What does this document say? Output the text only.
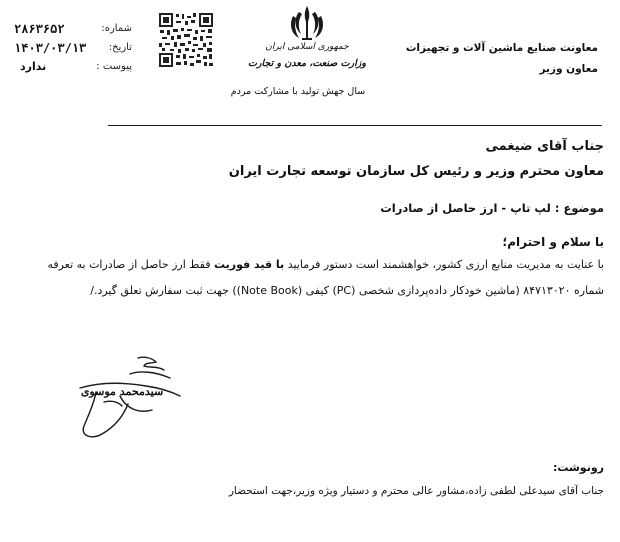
۲۸۶۳۶۵۲	شماره:
۱۴۰۳/۰۳/۱۳ تاریخ:
ندارد	پیوست :
جمهوری اسلامی ایران
وزارت صنعت، معدن و تجارت
سال جهش تولید با مشارکت مردم
معاونت صنایع ماشین آلات و تجهیزات
معاون وزیر
جناب آقای ضیغمی
معاون محترم وزیر و رئیس کل سازمان توسعه تجارت ایران
موضوع : لپ تاپ - ارز حاصل از صادرات
با سلام و احترام؛
با عنایت به مدیریت منابع ارزی کشور، خواهشمند است دستور فرمایید با قید فوریت فقط ارز حاصل از صادرات به تعرفه
شماره ۸۴۷۱۳۰۲۰ (ماشین خودکار داده‌پردازی شخصی (PC) کیفی (Note Book)) جهت ثبت سفارش تعلق گیرد./
سیدمحمد موسوی
رونوشت:
جناب آقای سیدعلی لطفی زاده،مشاور عالی محترم و دستیار ویژه وزیر،جهت استحضار
